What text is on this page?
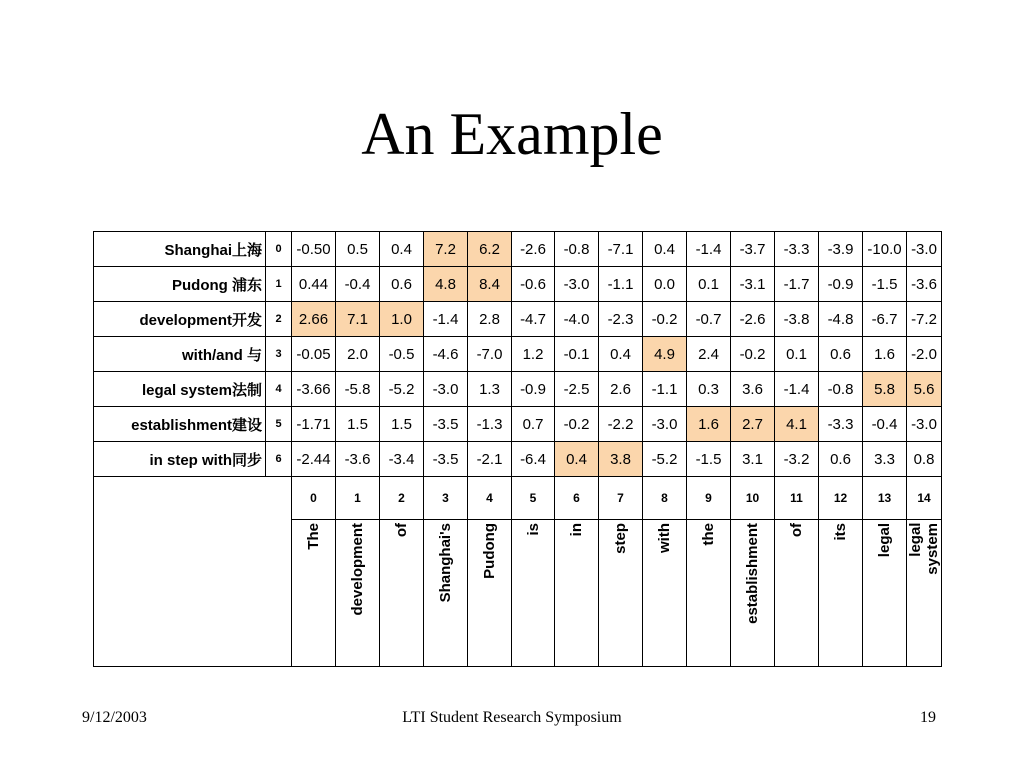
An Example
Shanghai上海	0	-0.50	0.5	0.4	7.2	6.2	-2.6	-0.8	-7.1	0.4	-1.4	-3.7	-3.3	-3.9	-10.0	-3.0
Pudong 浦东	1	0.44	-0.4	0.6	4.8	8.4	-0.6	-3.0	-1.1	0.0	0.1	-3.1	-1.7	-0.9	-1.5	-3.6
development开发	2	2.66	7.1	1.0	-1.4	2.8	-4.7	-4.0	-2.3	-0.2	-0.7	-2.6	-3.8	-4.8	-6.7	-7.2
with/and 与	3	-0.05	2.0	-0.5	-4.6	-7.0	1.2	-0.1	0.4	4.9	2.4	-0.2	0.1	0.6	1.6	-2.0
legal system法制	4	-3.66	-5.8	-5.2	-3.0	1.3	-0.9	-2.5	2.6	-1.1	0.3	3.6	-1.4	-0.8	5.8	5.6
establishment建设	5	-1.71	1.5	1.5	-3.5	-1.3	0.7	-0.2	-2.2	-3.0	1.6	2.7	4.1	-3.3	-0.4	-3.0
in step with同步	6	-2.44	-3.6	-3.4	-3.5	-2.1	-6.4	0.4	3.8	-5.2	-1.5	3.1	-3.2	0.6	3.3	0.8
		0	1	2	3	4	5	6	7	8	9	10	11	12	13	14
		The	development	of	Shanghai's	Pudong	is	in	step	with	the	establishment	of	its	legal	legal
system
9/12/2003	LTI Student Research Symposium	19
